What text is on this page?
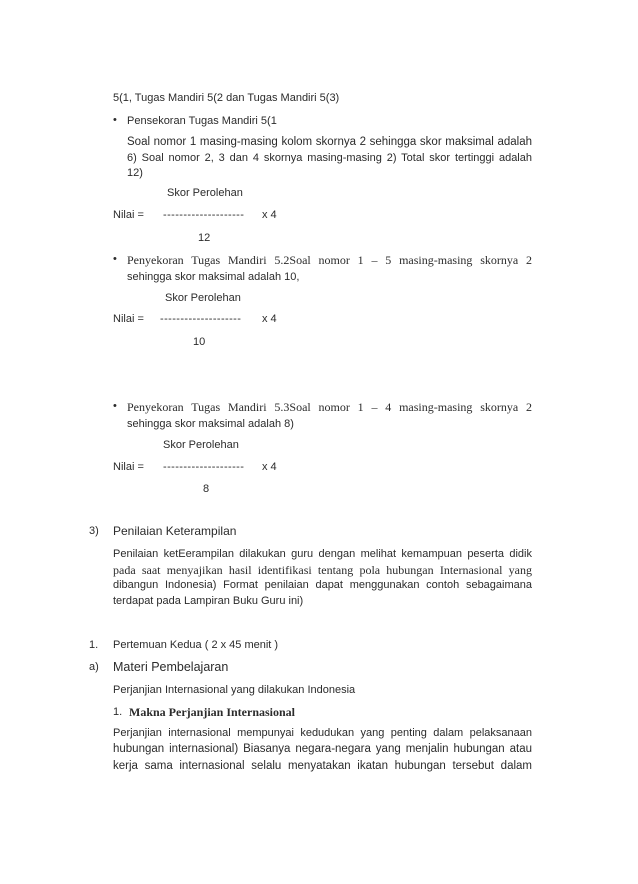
5(1, Tugas Mandiri 5(2 dan Tugas Mandiri 5(3)
• Pensekoran Tugas Mandiri 5(1
Soal nomor 1 masing-masing kolom skornya 2 sehingga skor maksimal adalah
6) Soal nomor 2, 3 dan 4 skornya masing-masing 2) Total skor tertinggi adalah
12)
Skor Perolehan
Nilai = -------------------- x 4
12
• Penyekoran Tugas Mandiri 5.2Soal nomor 1 – 5 masing-masing skornya 2
sehingga skor maksimal adalah 10,
Skor Perolehan
Nilai = -------------------- x 4
10
• Penyekoran Tugas Mandiri 5.3Soal nomor 1 – 4 masing-masing skornya 2
sehingga skor maksimal adalah 8)
Skor Perolehan
Nilai = -------------------- x 4
8
3) Penilaian Keterampilan
Penilaian ketEerampilan dilakukan guru dengan melihat kemampuan peserta didik
pada saat menyajikan hasil identifikasi tentang pola hubungan Internasional yang
dibangun Indonesia) Format penilaian dapat menggunakan contoh sebagaimana
terdapat pada Lampiran Buku Guru ini)
1. Pertemuan Kedua ( 2 x 45 menit )
a) Materi Pembelajaran
Perjanjian Internasional yang dilakukan Indonesia
1. Makna Perjanjian Internasional
Perjanjian internasional mempunyai kedudukan yang penting dalam pelaksanaan
hubungan internasional) Biasanya negara-negara yang menjalin hubungan atau
kerja sama internasional selalu menyatakan ikatan hubungan tersebut dalam
